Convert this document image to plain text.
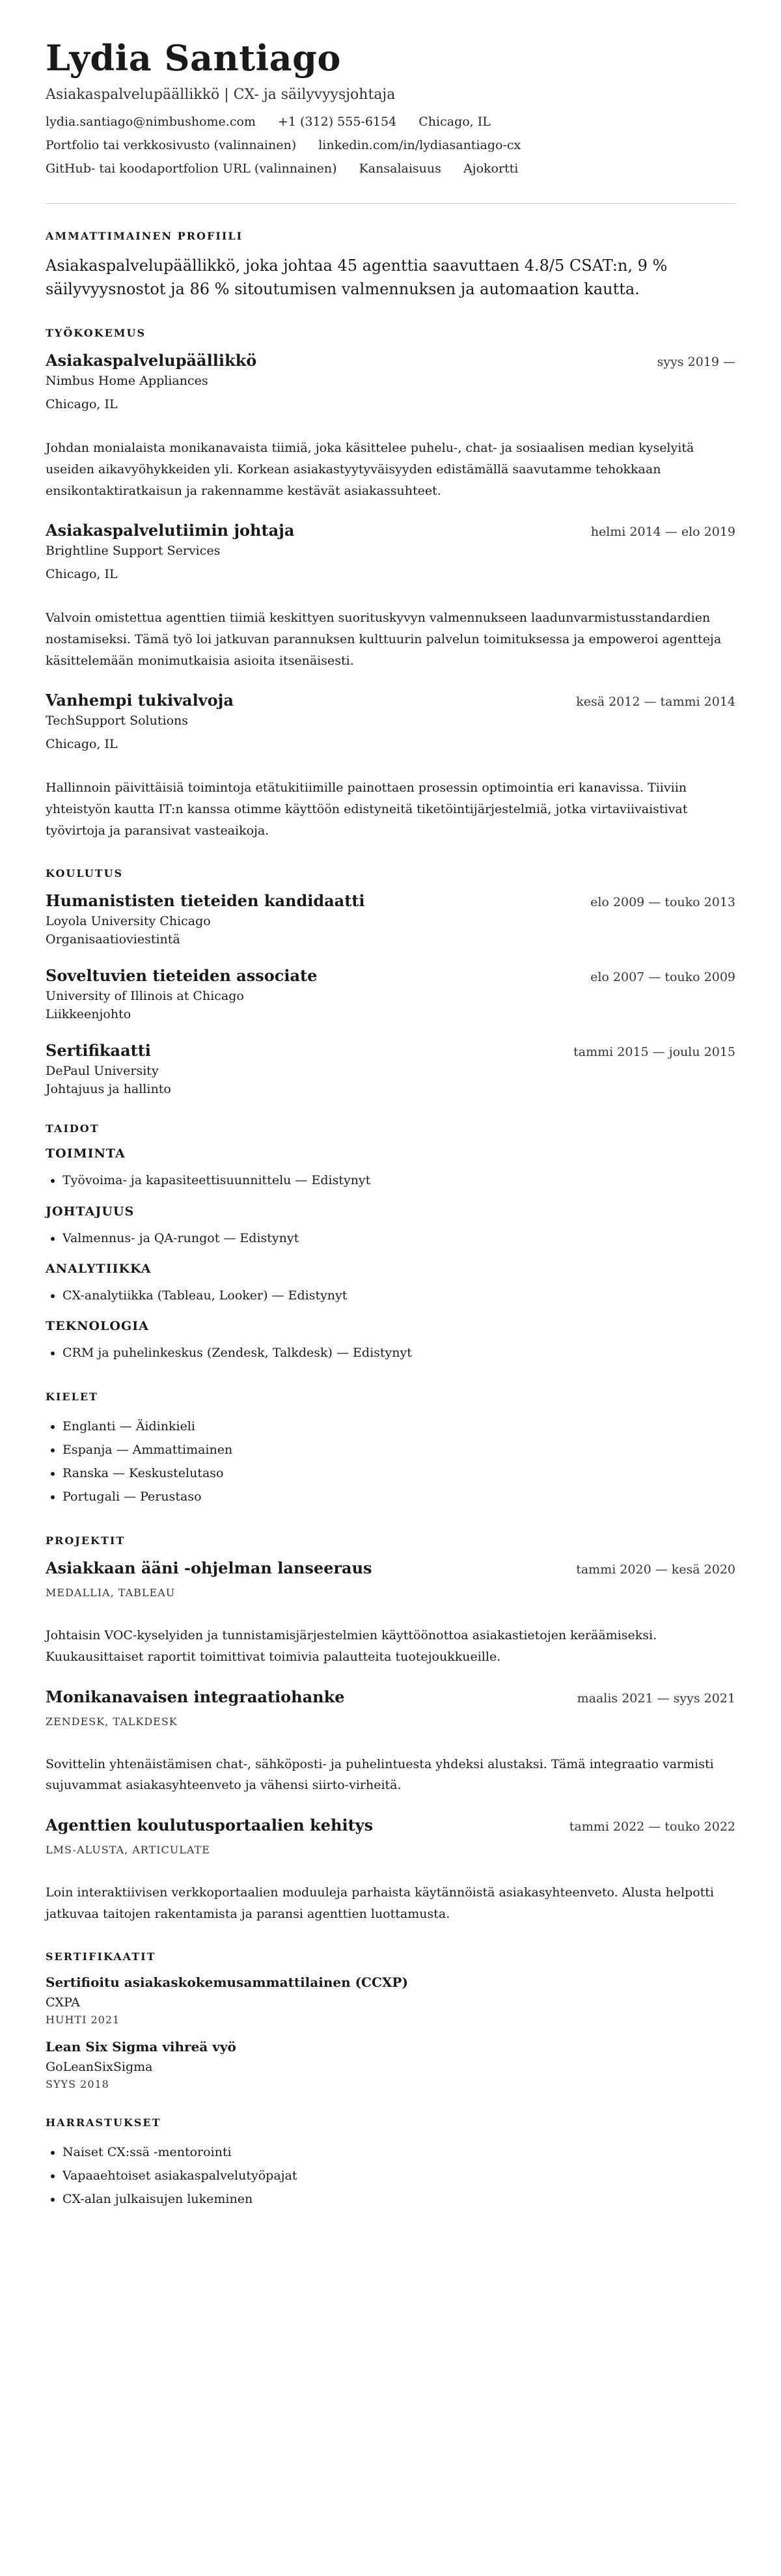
Lydia Santiago
Asiakaspalvelupäällikkö | CX- ja säilyvyysjohtaja
lydia.santiago@nimbushome.com +1 (312) 555-6154 Chicago, IL
Portfolio tai verkkosivusto (valinnainen) linkedin.com/in/lydiasantiago-cx
GitHub- tai koodaportfolion URL (valinnainen) Kansalaisuus Ajokortti
AMMATTIMAINEN PROFIILI

Asiakaspalvelupäällikkö, joka johtaa 45 agenttia saavuttaen 4.8/5 CSAT:n, 9 % säilyvyysnostot ja 86 % sitoutumisen valmennuksen ja automaation kautta.

TYÖKOKEMUS
Asiakaspalvelupäällikkö	syys 2019 —
Nimbus Home Appliances
Chicago, IL
Johdan monialaista monikanavaista tiimiä, joka käsittelee puhelu-, chat- ja sosiaalisen median kyselyitä useiden aikavyöhykkeiden yli. Korkean asiakastyytyväisyyden edistämällä saavutamme tehokkaan ensikontaktiratkaisun ja rakennamme kestävät asiakassuhteet.
Asiakaspalvelutiimin johtaja	helmi 2014 — elo 2019
Brightline Support Services
Chicago, IL
Valvoin omistettua agenttien tiimiä keskittyen suorituskyvyn valmennukseen laadunvarmistusstandardien nostamiseksi. Tämä työ loi jatkuvan parannuksen kulttuurin palvelun toimituksessa ja empoweroi agentteja käsittelemään monimutkaisia asioita itsenäisesti.
Vanhempi tukivalvoja	kesä 2012 — tammi 2014
TechSupport Solutions
Chicago, IL
Hallinnoin päivittäisiä toimintoja etätukitiimille painottaen prosessin optimointia eri kanavissa. Tiiviin yhteistyön kautta IT:n kanssa otimme käyttöön edistyneitä tiketöintijärjestelmiä, jotka virtaviivaistivat työvirtoja ja paransivat vasteaikoja.
KOULUTUS
Humanististen tieteiden kandidaatti	elo 2009 — touko 2013
Loyola University Chicago
Organisaatioviestintä
Soveltuvien tieteiden associate	elo 2007 — touko 2009
University of Illinois at Chicago
Liikkeenjohto
Sertifikaatti	tammi 2015 — joulu 2015
DePaul University
Johtajuus ja hallinto
TAIDOT
TOIMINTA
• Työvoima- ja kapasiteettisuunnittelu — Edistynyt
JOHTAJUUS
• Valmennus- ja QA-rungot — Edistynyt
ANALYTIIKKA
• CX-analytiikka (Tableau, Looker) — Edistynyt
TEKNOLOGIA
• CRM ja puhelinkeskus (Zendesk, Talkdesk) — Edistynyt
KIELET
• Englanti — Äidinkieli
• Espanja — Ammattimainen
• Ranska — Keskustelutaso
• Portugali — Perustaso
PROJEKTIT
Asiakkaan ääni -ohjelman lanseeraus	tammi 2020 — kesä 2020
MEDALLIA, TABLEAU
Johtaisin VOC-kyselyiden ja tunnistamisjärjestelmien käyttöönottoa asiakastietojen keräämiseksi. Kuukausittaiset raportit toimittivat toimivia palautteita tuotejoukkueille.
Monikanavaisen integraatiohanke	maalis 2021 — syys 2021
ZENDESK, TALKDESK
Sovittelin yhtenäistämisen chat-, sähköposti- ja puhelintuesta yhdeksi alustaksi. Tämä integraatio varmisti sujuvammat asiakasyhteenveto ja vähensi siirto-virheitä.
Agenttien koulutusportaalien kehitys	tammi 2022 — touko 2022
LMS-ALUSTA, ARTICULATE
Loin interaktiivisen verkkoportaalien moduuleja parhaista käytännöistä asiakasyhteenveto. Alusta helpotti jatkuvaa taitojen rakentamista ja paransi agenttien luottamusta.
SERTIFIKAATIT
Sertifioitu asiakaskokemusammattilainen (CCXP)
CXPA
HUHTI 2021
Lean Six Sigma vihreä vyö
GoLeanSixSigma
SYYS 2018
HARRASTUKSET
• Naiset CX:ssä -mentorointi
• Vapaaehtoiset asiakaspalvelutyöpajat
• CX-alan julkaisujen lukeminen
